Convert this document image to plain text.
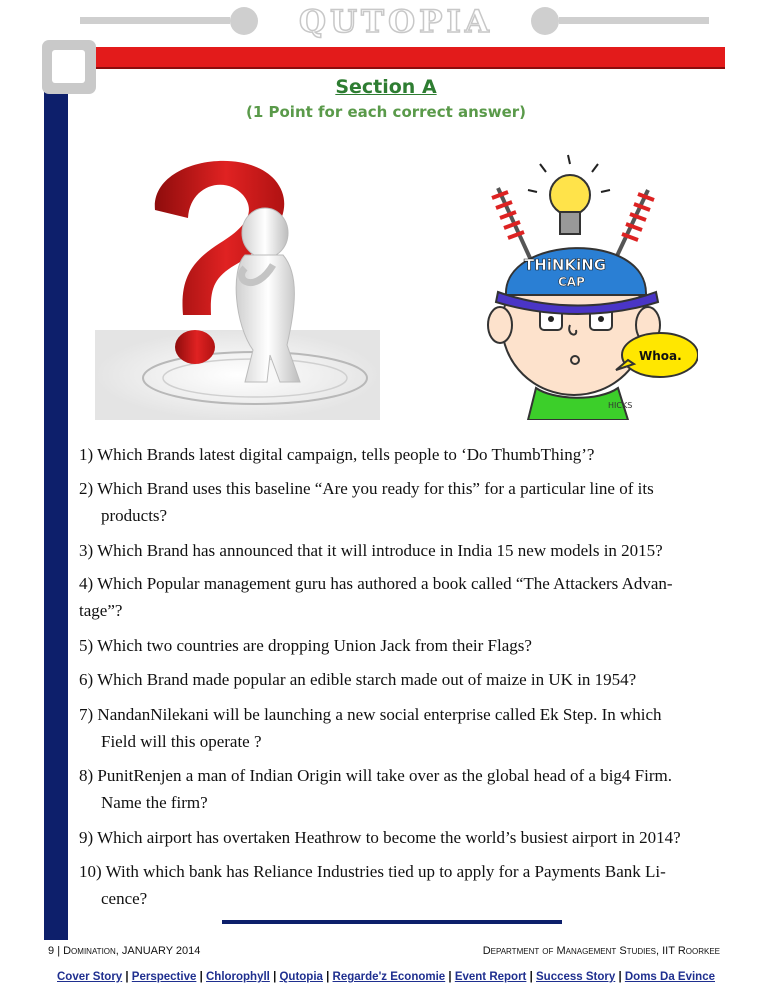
QUTOPIA
Section A
(1 Point for each correct answer)
THiNKiNG
CAP
Whoa.
HICKS
1) Which Brands latest digital campaign, tells people to ‘Do ThumbThing’?
2) Which Brand uses this baseline “Are you ready for this” for a particular line of its
products?
3) Which Brand has announced that it will introduce in India 15 new models in 2015?
4) Which Popular management guru has authored a book called “The Attackers Advan-
tage”?
5) Which two countries are dropping Union Jack from their Flags?
6) Which Brand made popular an edible starch made out of maize in UK in 1954?
7) NandanNilekani will be launching a new social enterprise called Ek Step. In which
Field will this operate ?
8) PunitRenjen a man of Indian Origin will take over as the global head of a big4 Firm.
Name the firm?
9) Which airport has overtaken Heathrow to become the world’s busiest airport in 2014?
10) With which bank has Reliance Industries tied up to apply for a Payments Bank Li-
cence?
9 | Domination, JANUARY 2014	Department of Management Studies, IIT Roorkee
Cover Story | Perspective | Chlorophyll | Qutopia | Regarde'z Economie | Event Report | Success Story | Doms Da Evince
